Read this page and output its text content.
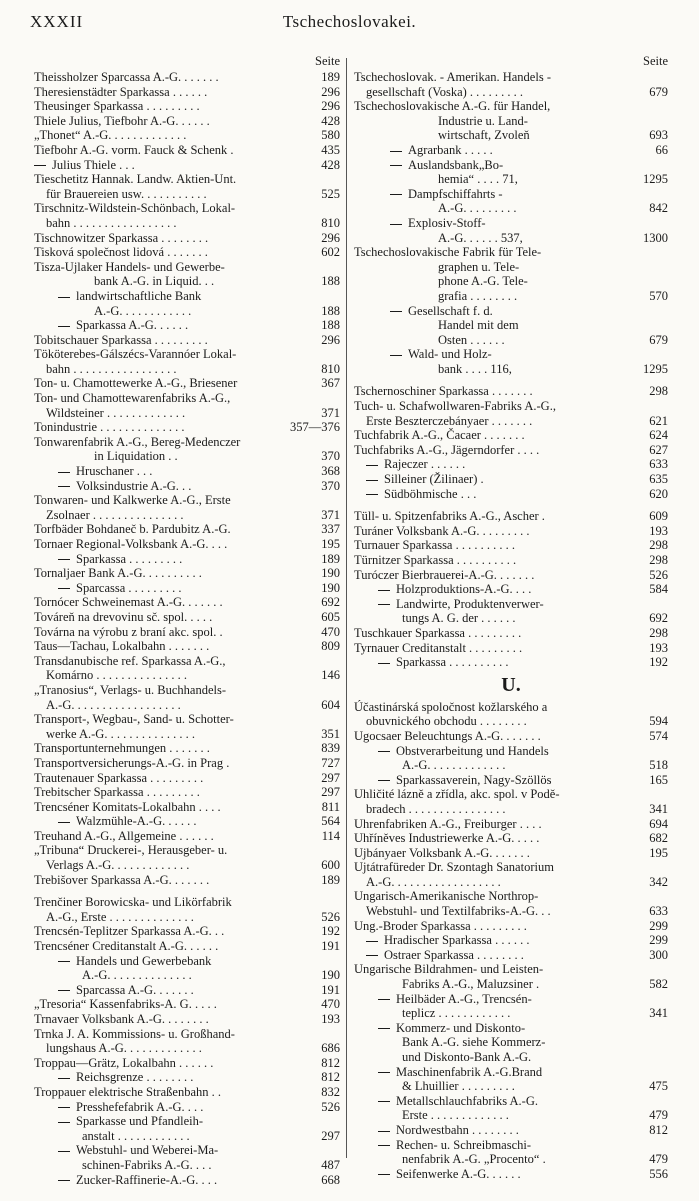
XXXII	Tschechoslovakei.
Seite
Theissholzer Sparcassa A.-G. . . . . . .	189
Theresienstädter Sparkassa . . . . . .	296
Theusinger Sparkassa . . . . . . . . .	296
Thiele Julius, Tiefbohr A.-G. . . . . .	428
„Thonet“ A.-G. . . . . . . . . . . . .	580
Tiefbohr A.-G. vorm. Fauck & Schenk .	435
Julius Thiele . . .	428
Tieschetitz Hannak. Landw. Aktien-Unt.
für Brauereien usw. . . . . . . . . . .	525
Tirschnitz-Wildstein-Schönbach, Lokal-
bahn . . . . . . . . . . . . . . . . .	810
Tischnowitzer Sparkassa . . . . . . . .	296
Tisková společnost lidová . . . . . . .	602
Tisza-Ujlaker Handels- und Gewerbe-
bank A.-G. in Liquid. . .	188
landwirtschaftliche Bank
A.-G. . . . . . . . . . . .	188
Sparkassa A.-G. . . . . .	188
Tobitschauer Sparkassa . . . . . . . . .	296
Tököterebes-Gálszécs-Varannóer Lokal-
bahn . . . . . . . . . . . . . . . . .	810
Ton- u. Chamottewerke A.-G., Briesener	367
Ton- und Chamottewarenfabriks A.-G.,
Wildsteiner . . . . . . . . . . . . .	371
Tonindustrie . . . . . . . . . . . . . .	357—376
Tonwarenfabrik A.-G., Bereg-Medenczer
in Liquidation . .	370
Hruschaner . . .	368
Volksindustrie A.-G. . .	370
Tonwaren- und Kalkwerke A.-G., Erste
Zsolnaer . . . . . . . . . . . . . . .	371
Torfbäder Bohdaneč b. Pardubitz A.-G.	337
Tornaer Regional-Volksbank A.-G. . . .	195
Sparkassa . . . . . . . . .	189
Tornaljaer Bank A.-G. . . . . . . . . .	190
Sparcassa . . . . . . . . .	190
Tornócer Schweinemast A.-G. . . . . . .	692
Továreň na drevovinu sč. spol. . . . .	605
Továrna na výrobu z braní akc. spol. .	470
Taus—Tachau, Lokalbahn . . . . . . .	809
Transdanubische ref. Sparkassa A.-G.,
Komárno . . . . . . . . . . . . . . .	146
„Tranosius“, Verlags- u. Buchhandels-
A.-G. . . . . . . . . . . . . . . . . .	604
Transport-, Wegbau-, Sand- u. Schotter-
werke A.-G. . . . . . . . . . . . . . .	351
Transportunternehmungen . . . . . . .	839
Transportversicherungs-A.-G. in Prag .	727
Trautenauer Sparkassa . . . . . . . . .	297
Trebitscher Sparkassa . . . . . . . . .	297
Trencséner Komitats-Lokalbahn . . . .	811
Walzmühle-A.-G. . . . . .	564
Treuhand A.-G., Allgemeine . . . . . .	114
„Tribuna“ Druckerei-, Herausgeber- u.
Verlags A.-G. . . . . . . . . . . . .	600
Trebišover Sparkassa A.-G. . . . . . .	189
Trenčiner Borowicska- und Likörfabrik
A.-G., Erste . . . . . . . . . . . . . .	526
Trencsén-Teplitzer Sparkassa A.-G. . .	192
Trencséner Creditanstalt A.-G. . . . . .	191
Handels und Gewerbebank
A.-G. . . . . . . . . . . . . .	190
Sparcassa A.-G. . . . . . .	191
„Tresoria“ Kassenfabriks-A. G. . . . .	470
Trnavaer Volksbank A.-G. . . . . . . .	193
Trnka J. A. Kommissions- u. Großhand-
lungshaus A.-G. . . . . . . . . . . . .	686
Troppau—Grätz, Lokalbahn . . . . . .	812
Reichsgrenze . . . . . . . .	812
Troppauer elektrische Straßenbahn . .	832
Presshefefabrik A.-G. . . .	526
Sparkasse und Pfandleih-
anstalt . . . . . . . . . . . .	297
Webstuhl- und Weberei-Ma-
schinen-Fabriks A.-G. . . .	487
Zucker-Raffinerie-A.-G. . . .	668
Seite
Tschechoslovak. - Amerikan. Handels -
gesellschaft (Voska) . . . . . . . . .	679
Tschechoslovakische A.-G. für Handel,
Industrie u. Land-
wirtschaft, Zvoleň	693
Agrarbank . . . . .	66
Auslandsbank„Bo-
hemia“ . . . . 71,	1295
Dampfschiffahrts -
A.-G. . . . . . . . .	842
Explosiv-Stoff-
A.-G. . . . . . 537,	1300
Tschechoslovakische Fabrik für Tele-
graphen u. Tele-
phone A.-G. Tele-
grafia . . . . . . . .	570
Gesellschaft f. d.
Handel mit dem
Osten . . . . . .	679
Wald- und Holz-
bank . . . . 116,	1295
Tschernoschiner Sparkassa . . . . . . .	298
Tuch- u. Schafwollwaren-Fabriks A.-G.,
Erste Beszterczebányaer . . . . . . .	621
Tuchfabrik A.-G., Čacaer . . . . . . .	624
Tuchfabriks A.-G., Jägerndorfer . . . .	627
Rajeczer . . . . . .	633
Silleiner (Žilinaer) .	635
Südböhmische . . .	620
Tüll- u. Spitzenfabriks A.-G., Ascher .	609
Turáner Volksbank A.-G. . . . . . . . .	193
Turnauer Sparkassa . . . . . . . . . .	298
Türnitzer Sparkassa . . . . . . . . . .	298
Turóczer Bierbrauerei-A.-G. . . . . . .	526
Holzproduktions-A.-G. . . .	584
Landwirte, Produktenverwer-
tungs A. G. der . . . . . .	692
Tuschkauer Sparkassa . . . . . . . . .	298
Tyrnauer Creditanstalt . . . . . . . . .	193
Sparkassa . . . . . . . . . .	192
U.
Účastinárská spoločnost kožlarského a
obuvnického obchodu . . . . . . . .	594
Ugocsaer Beleuchtungs A.-G. . . . . . .	574
Obstverarbeitung und Handels
A.-G. . . . . . . . . . . . .	518
Sparkassaverein, Nagy-Szöllös	165
Uhličité lázně a zřídla, akc. spol. v Podě-
bradech . . . . . . . . . . . . . . . .	341
Uhrenfabriken A.-G., Freiburger . . . .	694
Uhříněves Industriewerke A.-G. . . . .	682
Ujbányaer Volksbank A.-G. . . . . . .	195
Ujtátrafüreder Dr. Szontagh Sanatorium
A.-G. . . . . . . . . . . . . . . . . .	342
Ungarisch-Amerikanische Northrop-
Webstuhl- und Textilfabriks-A.-G. . .	633
Ung.-Broder Sparkassa . . . . . . . . .	299
Hradischer Sparkassa . . . . . .	299
Ostraer Sparkassa . . . . . . . .	300
Ungarische Bildrahmen- und Leisten-
Fabriks A.-G., Maluzsiner .	582
Heilbäder A.-G., Trencsén-
teplicz . . . . . . . . . . . .	341
Kommerz- und Diskonto-
Bank A.-G. siehe Kommerz-
und Diskonto-Bank A.-G.
Maschinenfabrik A.-G.Brand
& Lhuillier . . . . . . . . .	475
Metallschlauchfabriks A.-G.
Erste . . . . . . . . . . . . .	479
Nordwestbahn . . . . . . . .	812
Rechen- u. Schreibmaschi-
nenfabrik A.-G. „Procento“ .	479
Seifenwerke A.-G. . . . . .	556
